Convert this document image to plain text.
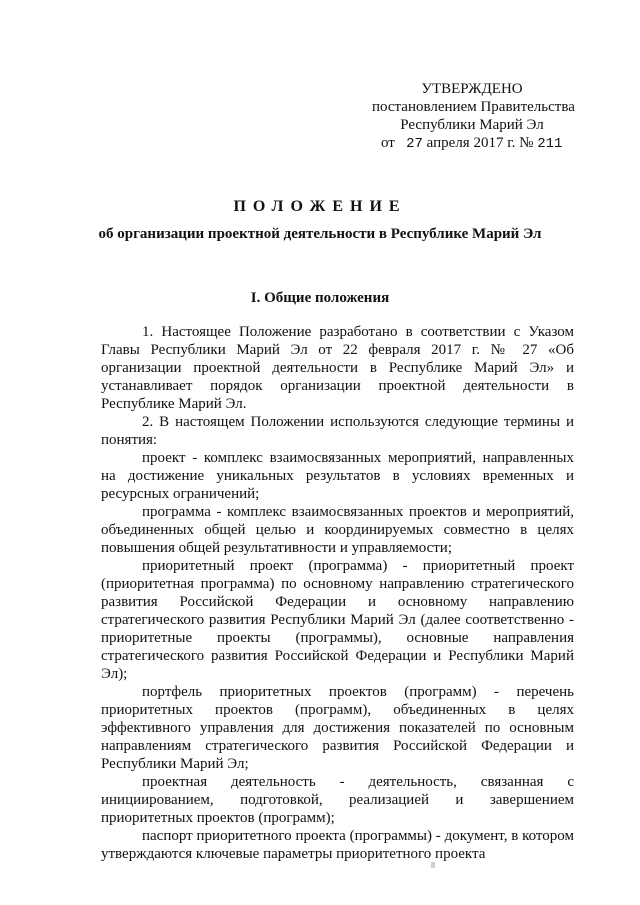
УТВЕРЖДЕНО
постановлением Правительства
Республики Марий Эл
от 27 апреля 2017 г. № 211
ПОЛОЖЕНИЕ
об организации проектной деятельности в Республике Марий Эл
I. Общие положения

1. Настоящее Положение разработано в соответствии с Указом Главы Республики Марий Эл от 22 февраля 2017 г. № 27 «Об организации проектной деятельности в Республике Марий Эл» и устанавливает порядок организации проектной деятельности в Республике Марий Эл.

2. В настоящем Положении используются следующие термины и понятия:

проект - комплекс взаимосвязанных мероприятий, направленных на достижение уникальных результатов в условиях временных и ресурсных ограничений;

программа - комплекс взаимосвязанных проектов и мероприятий, объединенных общей целью и координируемых совместно в целях повышения общей результативности и управляемости;

приоритетный проект (программа) - приоритетный проект (приоритетная программа) по основному направлению стратегического развития Российской Федерации и основному направлению стратегического развития Республики Марий Эл (далее соответственно - приоритетные проекты (программы), основные направления стратегического развития Российской Федерации и Республики Марий Эл);

портфель приоритетных проектов (программ) - перечень приоритетных проектов (программ), объединенных в целях эффективного управления для достижения показателей по основным направлениям стратегического развития Российской Федерации и Республики Марий Эл;

проектная деятельность - деятельность, связанная с инициированием, подготовкой, реализацией и завершением приоритетных проектов (программ);

паспорт приоритетного проекта (программы) - документ, в котором утверждаются ключевые параметры приоритетного проекта
